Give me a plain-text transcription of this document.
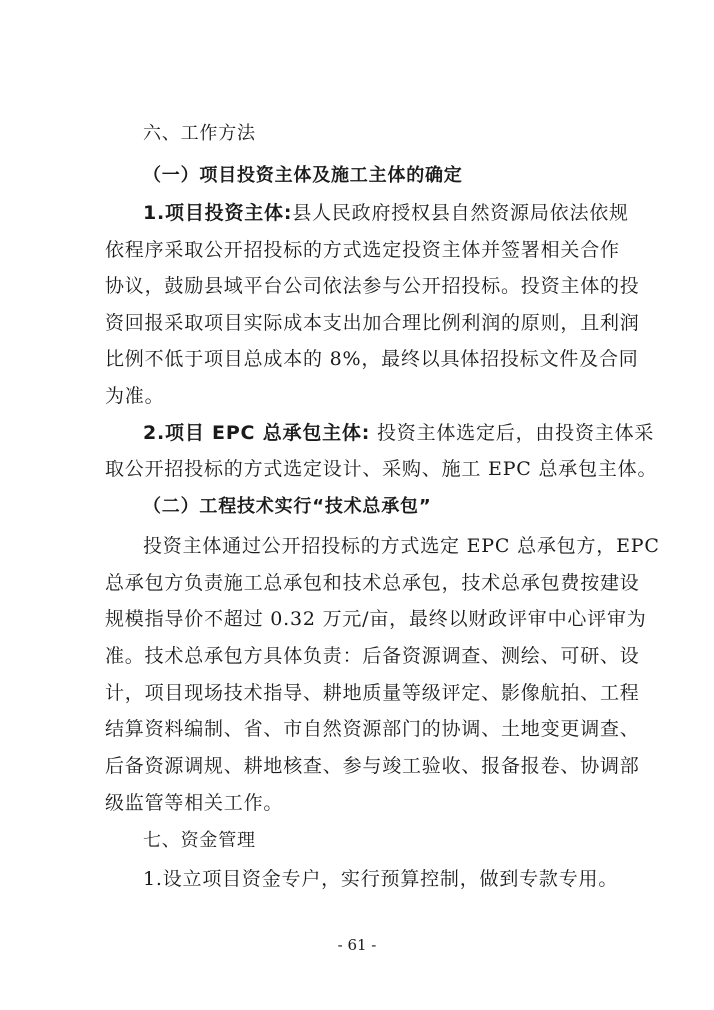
六、工作方法
（一）项目投资主体及施工主体的确定
1.项目投资主体:县人民政府授权县自然资源局依法依规
依程序采取公开招投标的方式选定投资主体并签署相关合作
协议，鼓励县域平台公司依法参与公开招投标。投资主体的投
资回报采取项目实际成本支出加合理比例利润的原则，且利润
比例不低于项目总成本的 8%，最终以具体招投标文件及合同
为准。
2.项目 EPC 总承包主体: 投资主体选定后，由投资主体采
取公开招投标的方式选定设计、采购、施工 EPC 总承包主体。
（二）工程技术实行“技术总承包”
投资主体通过公开招投标的方式选定 EPC 总承包方，EPC
总承包方负责施工总承包和技术总承包，技术总承包费按建设
规模指导价不超过 0.32 万元/亩，最终以财政评审中心评审为
准。技术总承包方具体负责：后备资源调查、测绘、可研、设
计，项目现场技术指导、耕地质量等级评定、影像航拍、工程
结算资料编制、省、市自然资源部门的协调、土地变更调查、
后备资源调规、耕地核查、参与竣工验收、报备报卷、协调部
级监管等相关工作。
七、资金管理
1.设立项目资金专户，实行预算控制，做到专款专用。
- 61 -
